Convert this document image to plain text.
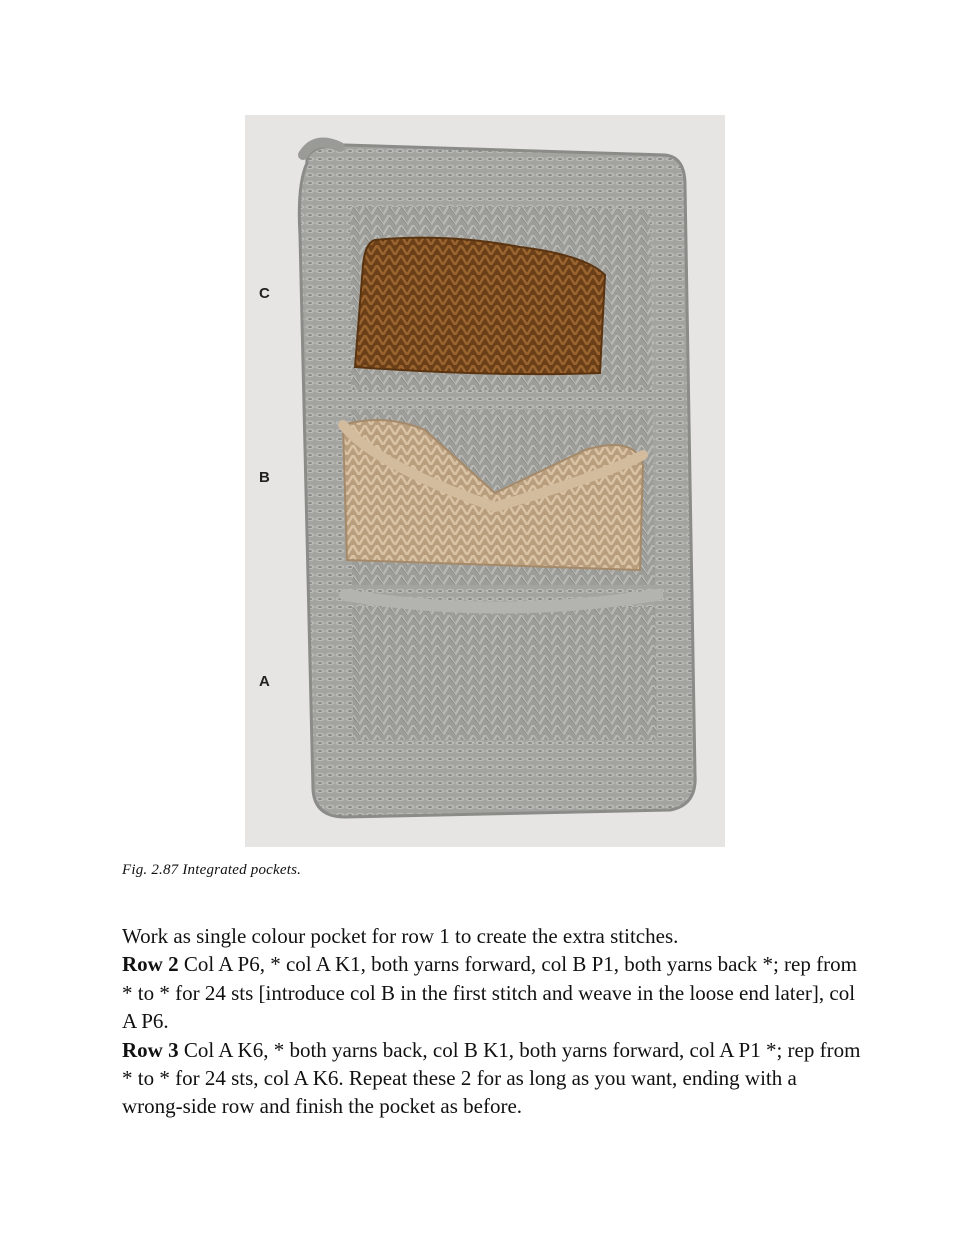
C
B
A
Fig. 2.87 Integrated pockets.

Work as single colour pocket for row 1 to create the extra stitches.

Row 2 Col A P6, * col A K1, both yarns forward, col B P1, both yarns back *; rep from * to * for 24 sts [introduce col B in the first stitch and weave in the loose end later], col A P6.

Row 3 Col A K6, * both yarns back, col B K1, both yarns forward, col A P1 *; rep from * to * for 24 sts, col A K6. Repeat these 2 for as long as you want, ending with a wrong-side row and finish the pocket as before.
